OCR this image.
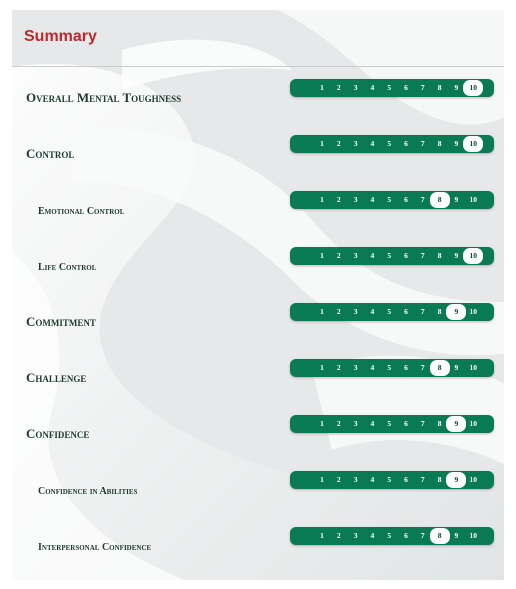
Summary
Overall Mental Toughness
1	2	3	4	5	6	7	8	9	10
Control
1	2	3	4	5	6	7	8	9	10
Emotional Control
1	2	3	4	5	6	7	8	9	10
Life Control
1	2	3	4	5	6	7	8	9	10
Commitment
1	2	3	4	5	6	7	8	9	10
Challenge
1	2	3	4	5	6	7	8	9	10
Confidence
1	2	3	4	5	6	7	8	9	10
Confidence in Abilities
1	2	3	4	5	6	7	8	9	10
Interpersonal Confidence
1	2	3	4	5	6	7	8	9	10
